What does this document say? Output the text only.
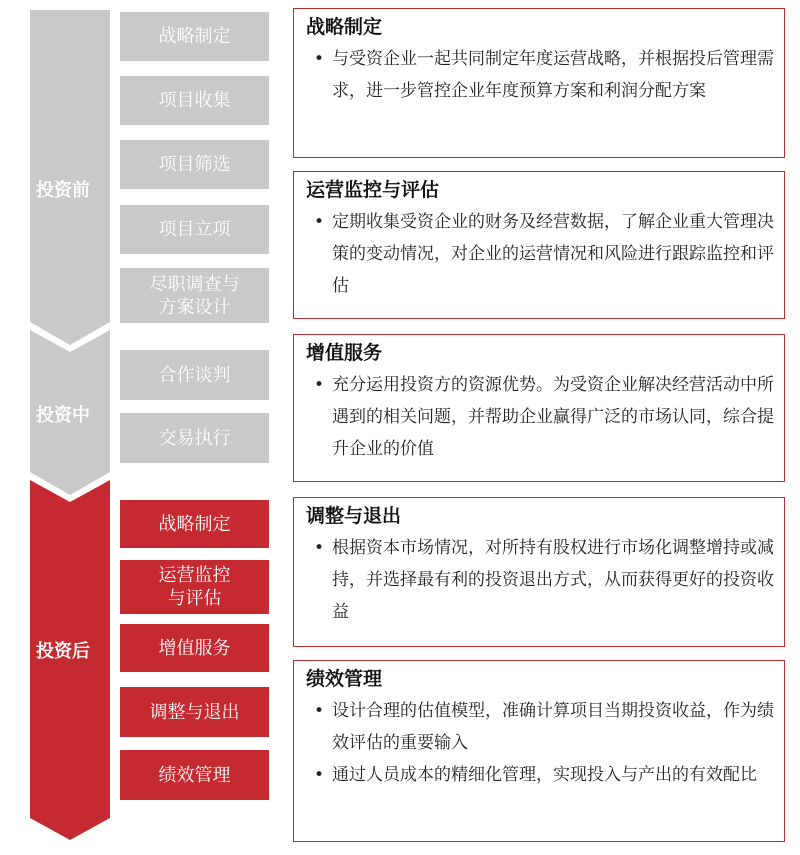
投资前
投资中
投资后
战略制定
项目收集
项目筛选
项目立项
尽职调查与
方案设计
合作谈判
交易执行
战略制定
运营监控
与评估
增值服务
调整与退出
绩效管理
战略制定
• 与受资企业一起共同制定年度运营战略，并根据投后管理需求，进一步管控企业年度预算方案和利润分配方案
运营监控与评估
• 定期收集受资企业的财务及经营数据，了解企业重大管理决策的变动情况，对企业的运营情况和风险进行跟踪监控和评估
增值服务
• 充分运用投资方的资源优势。为受资企业解决经营活动中所遇到的相关问题，并帮助企业赢得广泛的市场认同，综合提升企业的价值
调整与退出
• 根据资本市场情况，对所持有股权进行市场化调整增持或减持，并选择最有利的投资退出方式，从而获得更好的投资收益
绩效管理
• 设计合理的估值模型，准确计算项目当期投资收益，作为绩效评估的重要输入
• 通过人员成本的精细化管理，实现投入与产出的有效配比
